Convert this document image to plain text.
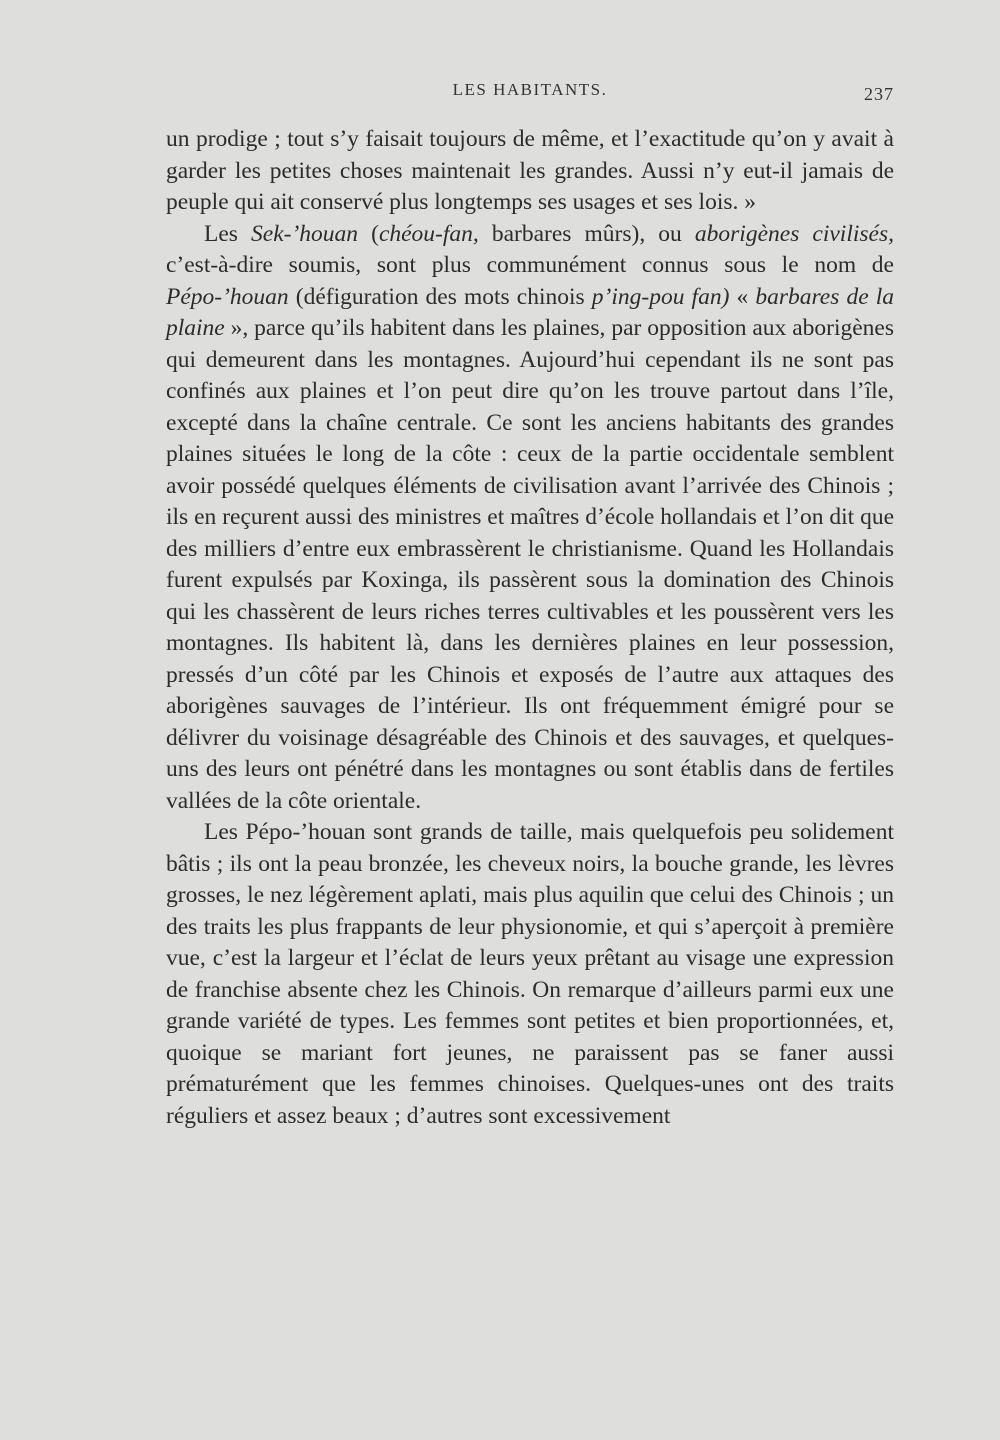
LES HABITANTS.	237

un prodige ; tout s’y faisait toujours de même, et l’exactitude qu’on y avait à garder les petites choses maintenait les grandes. Aussi n’y eut-il jamais de peuple qui ait conservé plus longtemps ses usages et ses lois. »

Les Sek-’houan (chéou-fan, barbares mûrs), ou aborigènes civilisés, c’est-à-dire soumis, sont plus communément connus sous le nom de Pépo-’houan (défiguration des mots chinois p’ing-pou fan) « barbares de la plaine », parce qu’ils habitent dans les plaines, par opposition aux aborigènes qui demeurent dans les montagnes. Aujourd’hui cependant ils ne sont pas confinés aux plaines et l’on peut dire qu’on les trouve partout dans l’île, excepté dans la chaîne centrale. Ce sont les anciens habitants des grandes plaines situées le long de la côte : ceux de la partie occidentale semblent avoir possédé quelques éléments de civilisation avant l’arrivée des Chinois ; ils en reçurent aussi des ministres et maîtres d’école hollandais et l’on dit que des milliers d’entre eux embrassèrent le christianisme. Quand les Hollandais furent expulsés par Koxinga, ils passèrent sous la domination des Chinois qui les chassèrent de leurs riches terres cultivables et les poussèrent vers les montagnes. Ils habitent là, dans les dernières plaines en leur possession, pressés d’un côté par les Chinois et exposés de l’autre aux attaques des aborigènes sauvages de l’intérieur. Ils ont fréquemment émigré pour se délivrer du voisinage désagréable des Chinois et des sauvages, et quelques-uns des leurs ont pénétré dans les montagnes ou sont établis dans de fertiles vallées de la côte orientale.

Les Pépo-’houan sont grands de taille, mais quelquefois peu solidement bâtis ; ils ont la peau bronzée, les cheveux noirs, la bouche grande, les lèvres grosses, le nez légèrement aplati, mais plus aquilin que celui des Chinois ; un des traits les plus frappants de leur physionomie, et qui s’aperçoit à première vue, c’est la largeur et l’éclat de leurs yeux prêtant au visage une expression de franchise absente chez les Chinois. On remarque d’ailleurs parmi eux une grande variété de types. Les femmes sont petites et bien proportionnées, et, quoique se mariant fort jeunes, ne paraissent pas se faner aussi prématurément que les femmes chinoises. Quelques-unes ont des traits réguliers et assez beaux ; d’autres sont excessivement
